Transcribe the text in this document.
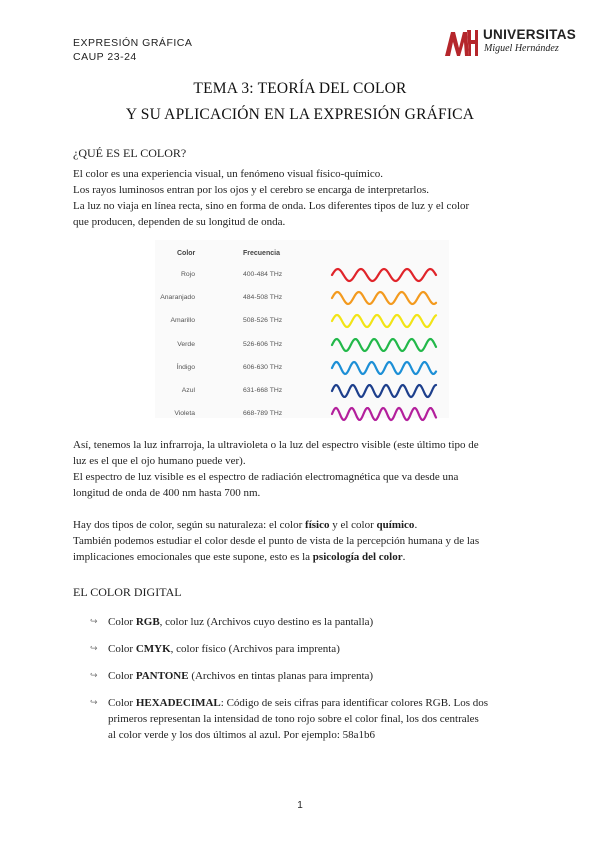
EXPRESIÓN GRÁFICA
CAUP 23-24
UNIVERSITAS
Miguel Hernández
TEMA 3: TEORÍA DEL COLOR
Y SU APLICACIÓN EN LA EXPRESIÓN GRÁFICA
¿QUÉ ES EL COLOR?
El color es una experiencia visual, un fenómeno visual físico-químico.
Los rayos luminosos entran por los ojos y el cerebro se encarga de interpretarlos.
La luz no viaja en línea recta, sino en forma de onda. Los diferentes tipos de luz y el color
que producen, dependen de su longitud de onda.
Color	Frecuencia
Rojo	400-484 THz
Anaranjado	484-508 THz
Amarillo	508-526 THz
Verde	526-606 THz
Índigo	606-630 THz
Azul	631-668 THz
Violeta	668-789 THz
Así, tenemos la luz infrarroja, la ultravioleta o la luz del espectro visible (este último tipo de
luz es el que el ojo humano puede ver).
El espectro de luz visible es el espectro de radiación electromagnética que va desde una
longitud de onda de 400 nm hasta 700 nm.
Hay dos tipos de color, según su naturaleza: el color físico y el color químico.
También podemos estudiar el color desde el punto de vista de la percepción humana y de las
implicaciones emocionales que este supone, esto es la psicología del color.
EL COLOR DIGITAL
↪ Color RGB, color luz (Archivos cuyo destino es la pantalla)
↪ Color CMYK, color físico (Archivos para imprenta)
↪ Color PANTONE (Archivos en tintas planas para imprenta)
↪ Color HEXADECIMAL: Código de seis cifras para identificar colores RGB. Los dos
primeros representan la intensidad de tono rojo sobre el color final, los dos centrales
al color verde y los dos últimos al azul. Por ejemplo: 58a1b6
1
